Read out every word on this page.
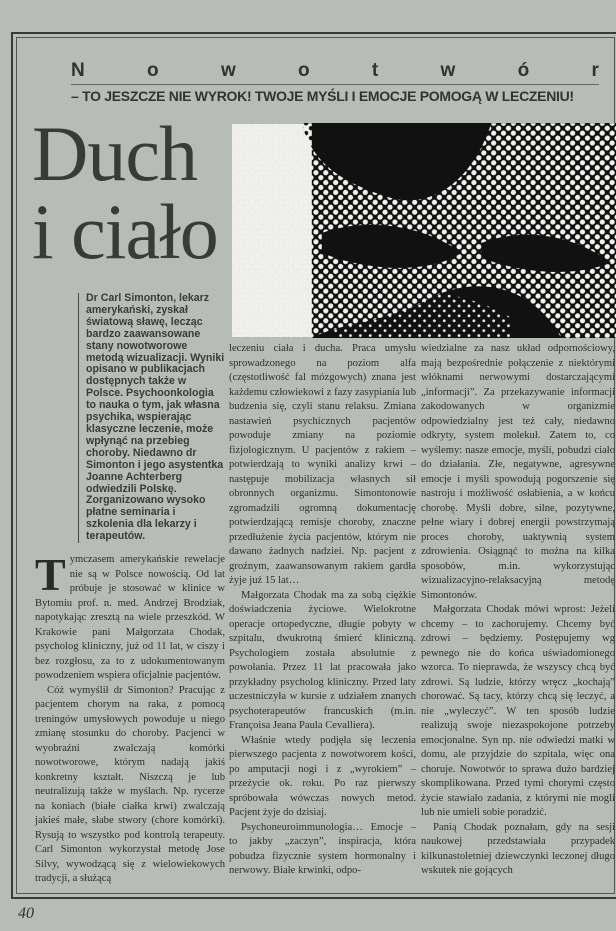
N	o	w	o	t	w	ó	r
– TO JESZCZE NIE WYROK! TWOJE MYŚLI I EMOCJE POMOGĄ W LECZENIU!
Duch
i ciało
Dr Carl Simonton, lekarz amerykański, zyskał światową sławę, lecząc bardzo zaawansowane stany nowotworowe metodą wizualizacji. Wyniki opisano w publikacjach dostępnych także w Polsce. Psychoonkologia to nauka o tym, jak własna psychika, wspierając klasyczne leczenie, może wpłynąć na przebieg choroby. Niedawno dr Simonton i jego asystentka Joanne Achterberg odwiedzili Polskę. Zorganizowano wysoko płatne seminaria i szkolenia dla lekarzy i terapeutów.

Tymczasem amerykańskie rewelacje nie są w Polsce nowością. Od lat próbuje je stosować w klinice w Bytomiu prof. n. med. Andrzej Brodziak, napotykając zresztą na wiele przeszkód. W Krakowie pani Małgorzata Chodak, psycholog kliniczny, już od 11 lat, w ciszy i bez rozgłosu, za to z udokumentowanym powodzeniem wspiera oficjalnie pacjentów.

Cóż wymyślił dr Simonton? Pracując z pacjentem chorym na raka, z pomocą treningów umysłowych powoduje u niego zmianę stosunku do choroby. Pacjenci w wyobraźni zwalczają komórki nowotworowe, którym nadają jakiś konkretny kształt. Niszczą je lub neutralizują także w myślach. Np. rycerze na koniach (białe ciałka krwi) zwalczają jakieś małe, słabe stwory (chore komórki). Rysują to wszystko pod kontrolą terapeuty. Carl Simonton wykorzystał metodę Jose Silvy, wywodzącą się z wielowiekowych tradycji, a służącą

leczeniu ciała i ducha. Praca umysłu sprowadzonego na poziom alfa (częstotliwość fal mózgowych) znana jest każdemu człowiekowi z fazy zasypiania lub budzenia się, czyli stanu relaksu. Zmiana nastawień psychicznych pacjentów powoduje zmiany na poziomie fizjologicznym. U pacjentów z rakiem – potwierdzają to wyniki analizy krwi – następuje mobilizacja własnych sił obronnych organizmu. Simontonowie zgromadzili ogromną dokumentację potwierdzającą remisje choroby, znaczne przedłużenie życia pacjentów, którym nie dawano żadnych nadziei. Np. pacjent z groźnym, zaawansowanym rakiem gardła żyje już 15 lat…

Małgorzata Chodak ma za sobą ciężkie doświadczenia życiowe. Wielokrotne operacje ortopedyczne, długie pobyty w szpitalu, dwukrotną śmierć kliniczną. Psychologiem została absolutnie z powołania. Przez 11 lat pracowała jako przykładny psycholog kliniczny. Przed laty uczestniczyła w kursie z udziałem znanych psychoterapeutów francuskich (m.in. Françoisa Jeana Paula Cevalliera).

Właśnie wtedy podjęła się leczenia pierwszego pacjenta z nowotworem kości, po amputacji nogi i z „wyrokiem” – przeżycie ok. roku. Po raz pierwszy spróbowała wówczas nowych metod. Pacjent żyje do dzisiaj.

Psychoneuroimmunologia… Emocje – to jakby „zaczyn”, inspiracja, która pobudza fizycznie system hormonalny i nerwowy. Białe krwinki, odpo-

wiedzialne za nasz układ odpornościowy, mają bezpośrednie połączenie z niektórymi włóknami nerwowymi dostarczającymi „informacji”. Za przekazywanie informacji zakodowanych w organizmie odpowiedzialny jest też cały, niedawno odkryty, system molekuł. Zatem to, co wyślemy: nasze emocje, myśli, pobudzi ciało do działania. Złe, negatywne, agresywne emocje i myśli spowodują pogorszenie się nastroju i możliwość osłabienia, a w końcu chorobę. Myśli dobre, silne, pozytywne, pełne wiary i dobrej energii powstrzymają proces choroby, uaktywnią system zdrowienia. Osiągnąć to można na kilka sposobów, m.in. wykorzystując wizualizacyjno-relaksacyjną metodę Simontonów.

Małgorzata Chodak mówi wprost: Jeżeli chcemy – to zachorujemy. Chcemy być zdrowi – będziemy. Postępujemy wg pewnego nie do końca uświadomionego wzorca. To nieprawda, że wszyscy chcą być zdrowi. Są ludzie, którzy wręcz „kochają” chorować. Są tacy, którzy chcą się leczyć, a nie „wyleczyć”. W ten sposób ludzie realizują swoje niezaspokojone potrzeby emocjonalne. Syn np. nie odwiedzi matki w domu, ale przyjdzie do szpitala, więc ona choruje. Nowotwór to sprawa dużo bardziej skomplikowana. Przed tymi chorymi często życie stawiało zadania, z którymi nie mogli lub nie umieli sobie poradzić.

Panią Chodak poznałam, gdy na sesji naukowej przedstawiała przypadek kilkunastoletniej dziewczynki leczonej długo wskutek nie gojących

40
